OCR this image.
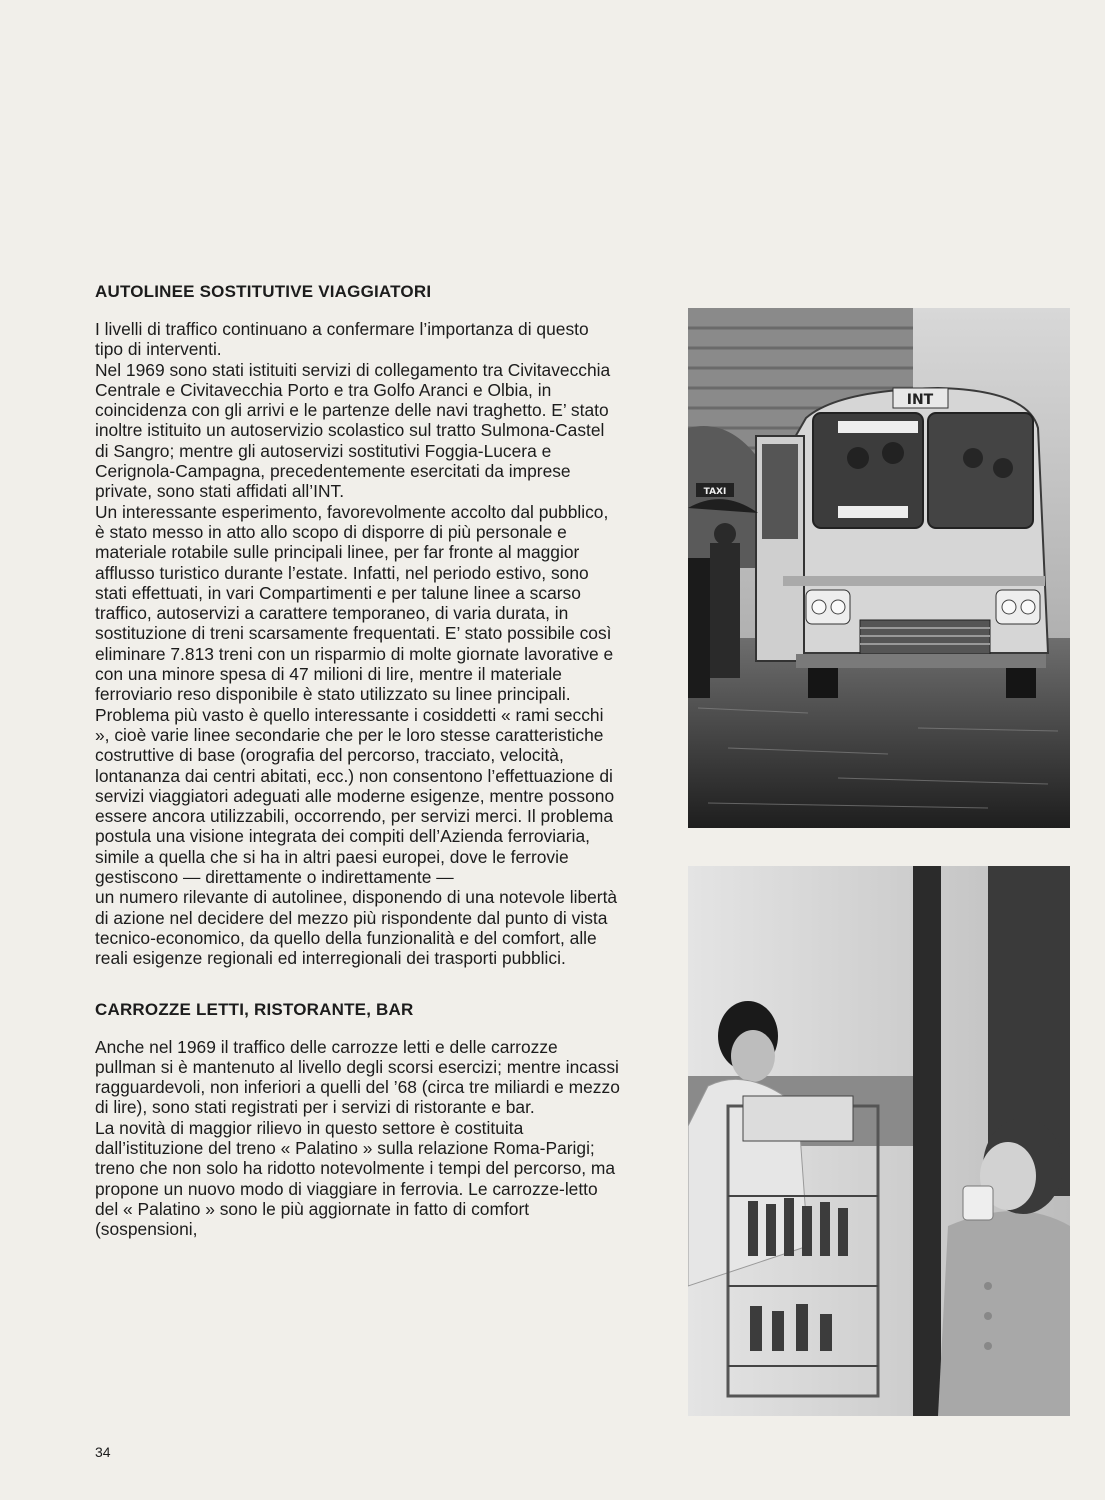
AUTOLINEE SOSTITUTIVE VIAGGIATORI

I livelli di traffico continuano a confermare l’importanza di questo tipo di interventi.

Nel 1969 sono stati istituiti servizi di collegamento tra Civitavecchia Centrale e Civitavecchia Porto e tra Golfo Aranci e Olbia, in coincidenza con gli arrivi e le partenze delle navi traghetto. E’ stato inoltre istituito un autoservizio scolastico sul tratto Sulmona-Castel di Sangro; mentre gli autoservizi sostitutivi Foggia-Lucera e Cerignola-Campagna, precedentemente esercitati da imprese private, sono stati affidati all’INT.

Un interessante esperimento, favorevolmente accolto dal pubblico, è stato messo in atto allo scopo di disporre di più personale e materiale rotabile sulle principali linee, per far fronte al maggior afflusso turistico durante l’estate. Infatti, nel periodo estivo, sono stati effettuati, in vari Compartimenti e per talune linee a scarso traffico, autoservizi a carattere temporaneo, di varia durata, in sostituzione di treni scarsamente frequentati. E’ stato possibile così eliminare 7.813 treni con un risparmio di molte giornate lavorative e con una minore spesa di 47 milioni di lire, mentre il materiale ferroviario reso disponibile è stato utilizzato su linee principali.

Problema più vasto è quello interessante i cosiddetti « rami secchi », cioè varie linee secondarie che per le loro stesse caratteristiche costruttive di base (orografia del percorso, tracciato, velocità, lontananza dai centri abitati, ecc.) non consentono l’effettuazione di servizi viaggiatori adeguati alle moderne esigenze, mentre possono essere ancora utilizzabili, occorrendo, per servizi merci. Il problema postula una visione integrata dei compiti dell’Azienda ferroviaria, simile a quella che si ha in altri paesi europei, dove le ferrovie gestiscono — direttamente o indirettamente —

un numero rilevante di autolinee, disponendo di una notevole libertà di azione nel decidere del mezzo più rispondente dal punto di vista tecnico-economico, da quello della funzionalità e del comfort, alle reali esigenze regionali ed interregionali dei trasporti pubblici.

CARROZZE LETTI, RISTORANTE, BAR

Anche nel 1969 il traffico delle carrozze letti e delle carrozze pullman si è mantenuto al livello degli scorsi esercizi; mentre incassi ragguardevoli, non inferiori a quelli del ’68 (circa tre miliardi e mezzo di lire), sono stati registrati per i servizi di ristorante e bar.

La novità di maggior rilievo in questo settore è costituita dall’istituzione del treno « Palatino » sulla relazione Roma-Parigi; treno che non solo ha ridotto notevolmente i tempi del percorso, ma propone un nuovo modo di viaggiare in ferrovia. Le carrozze-letto del « Palatino » sono le più aggiornate in fatto di comfort (sospensioni,

34
INT
TAXI
